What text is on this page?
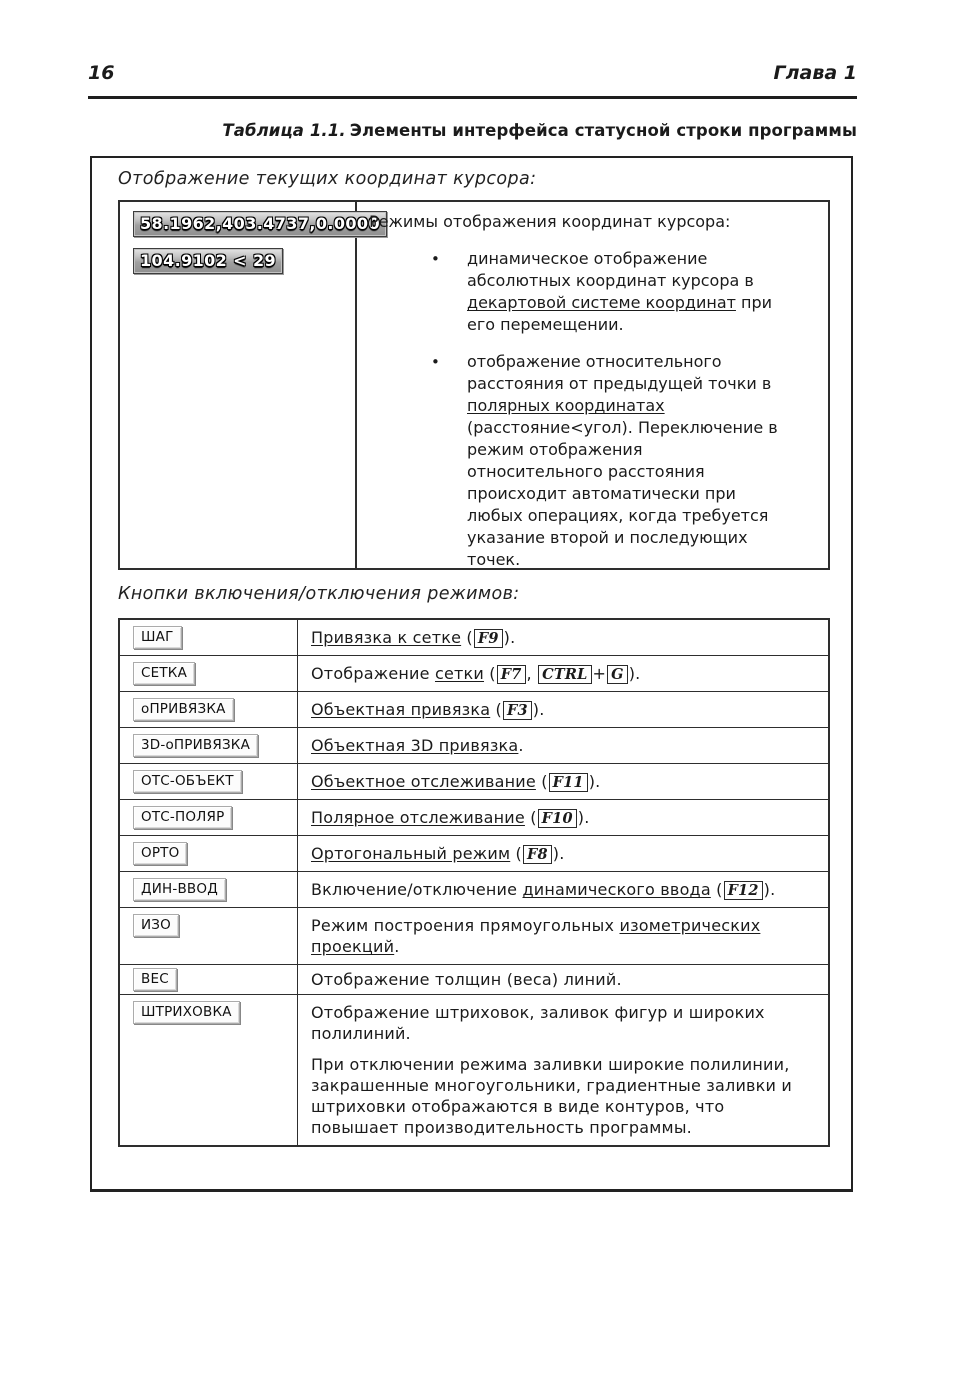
16	Глава 1
Таблица 1.1. Элементы интерфейса статусной строки программы
Отображение текущих координат курсора:
58.1962,403.4737,0.0000
104.9102 < 29

Режимы отображения координат курсора:

•	динамическое отображение абсолютных координат курсора в декартовой системе координат при его перемещении.
•	отображение относительного расстояния от предыдущей точки в полярных координатах (расстояние<угол). Переключение в режим отображения относительного расстояния происходит автоматически при любых операциях, когда требуется указание второй и последующих точек.
Кнопки включения/отключения режимов:
ШАГ	Привязка к сетке ( F9 ).

СЕТКА	Отображение сетки ( F7 , CTRL + G ).

оПРИВЯЗКА	Объектная привязка ( F3 ).

3D-оПРИВЯЗКА	Объектная 3D привязка.

ОТС-ОБЪЕКТ	Объектное отслеживание ( F11 ).

ОТС-ПОЛЯР	Полярное отслеживание ( F10 ).

ОРТО	Ортогональный режим ( F8 ).

ДИН-ВВОД	Включение/отключение динамического ввода ( F12 ).

ИЗО	Режим построения прямоугольных изометрических проекций.

ВЕС	Отображение толщин (веса) линий.

ШТРИХОВКА	Отображение штриховок, заливок фигур и широких полилиний.

При отключении режима заливки широкие полилинии, закрашенные многоугольники, градиентные заливки и штриховки отображаются в виде контуров, что повышает производительность программы.
